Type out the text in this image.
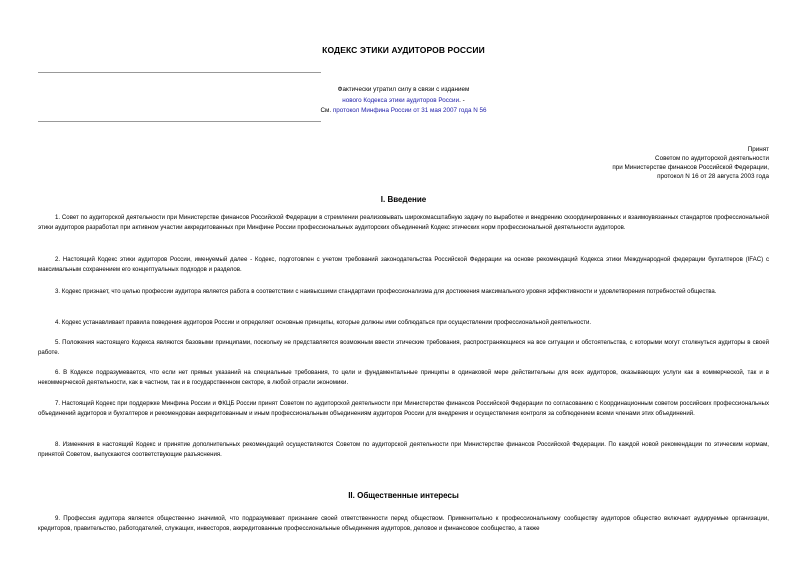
КОДЕКС ЭТИКИ АУДИТОРОВ РОССИИ
Фактически утратил силу в связи с изданием
нового Кодекса этики аудиторов России. -
См. протокол Минфина России от 31 мая 2007 года N 56
Принят
Советом по аудиторской деятельности
при Министерстве финансов Российской Федерации,
протокол N 16 от 28 августа 2003 года
I. Введение

1. Совет по аудиторской деятельности при Министерстве финансов Российской Федерации в стремлении реализовывать широкомасштабную задачу по выработке и внедрению скоординированных и взаимоувязанных стандартов профессиональной этики аудиторов разработал при активном участии аккредитованных при Минфине России профессиональных аудиторских объединений Кодекс этических норм профессиональной деятельности аудиторов.

2. Настоящий Кодекс этики аудиторов России, именуемый далее - Кодекс, подготовлен с учетом требований законодательства Российской Федерации на основе рекомендаций Кодекса этики Международной федерации бухгалтеров (IFAC) с максимальным сохранением его концептуальных подходов и разделов.

3. Кодекс признает, что целью профессии аудитора является работа в соответствии с наивысшими стандартами профессионализма для достижения максимального уровня эффективности и удовлетворения потребностей общества.

4. Кодекс устанавливает правила поведения аудиторов России и определяет основные принципы, которые должны ими соблюдаться при осуществлении профессиональной деятельности.

5. Положения настоящего Кодекса являются базовыми принципами, поскольку не представляется возможным ввести этические требования, распространяющиеся на все ситуации и обстоятельства, с которыми могут столкнуться аудиторы в своей работе.

6. В Кодексе подразумевается, что если нет прямых указаний на специальные требования, то цели и фундаментальные принципы в одинаковой мере действительны для всех аудиторов, оказывающих услуги как в коммерческой, так и в некоммерческой деятельности, как в частном, так и в государственном секторе, в любой отрасли экономики.

7. Настоящий Кодекс при поддержке Минфина России и ФКЦБ России принят Советом по аудиторской деятельности при Министерстве финансов Российской Федерации по согласованию с Координационным советом российских профессиональных объединений аудиторов и бухгалтеров и рекомендован аккредитованным и иным профессиональным объединениям аудиторов России для внедрения и осуществления контроля за соблюдением всеми членами этих объединений.

8. Изменения в настоящий Кодекс и принятие дополнительных рекомендаций осуществляются Советом по аудиторской деятельности при Министерстве финансов Российской Федерации. По каждой новой рекомендации по этическим нормам, принятой Советом, выпускаются соответствующие разъяснения.

II. Общественные интересы

9. Профессия аудитора является общественно значимой, что подразумевает признание своей ответственности перед обществом. Применительно к профессиональному сообществу аудиторов общество включает аудируемые организации, кредиторов, правительство, работодателей, служащих, инвесторов, аккредитованные профессиональные объединения аудиторов, деловое и финансовое сообщество, а также
